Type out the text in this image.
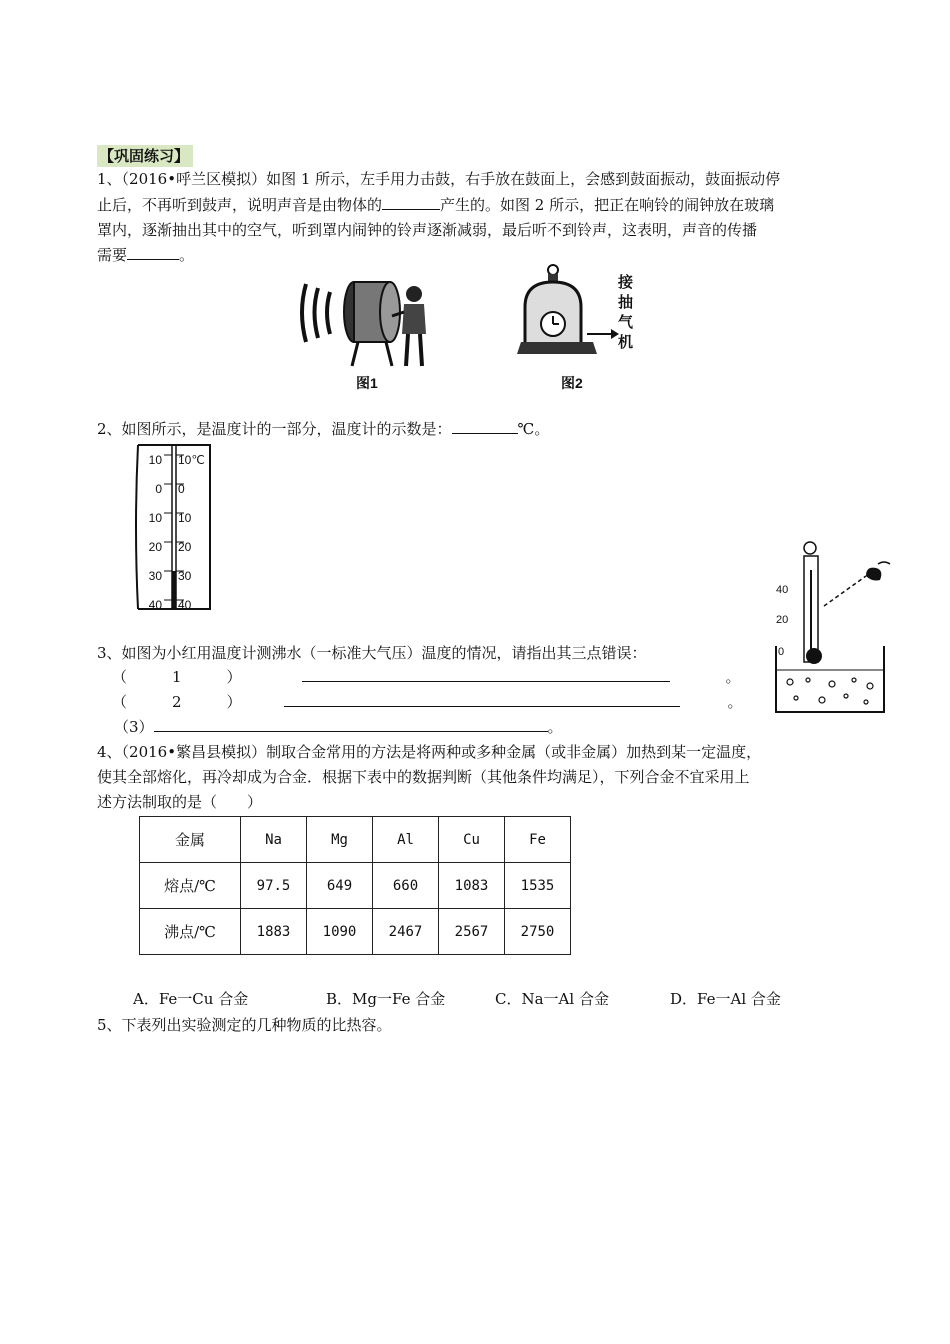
【巩固练习】
1、（2016•呼兰区模拟）如图 1 所示，左手用力击鼓，右手放在鼓面上，会感到鼓面振动，鼓面振动停
止后，不再听到鼓声，说明声音是由物体的	产生的。如图 2 所示，把正在响铃的闹钟放在玻璃
罩内，逐渐抽出其中的空气，听到罩内闹钟的铃声逐渐减弱，最后听不到铃声，这表明，声音的传播
需要	。
图1
接
抽
气
机
图2
2、如图所示，是温度计的一部分，温度计的示数是：	℃。
10
0
10
20
30
40
10℃
0
10
20
30
40
40
20
0
3、如图为小红用温度计测沸水（一标准大气压）温度的情况，请指出其三点错误：
（　　　1　　　）	。
（　　　2　　　）	。
（3）	。
4、（2016•繁昌县模拟）制取合金常用的方法是将两种或多种金属（或非金属）加热到某一定温度，
使其全部熔化，再冷却成为合金．根据下表中的数据判断（其他条件均满足），下列合金不宜采用上
述方法制取的是（　　）
金属	Na	Mg	Al	Cu	Fe
熔点/℃	97.5	649	660	1083	1535
沸点/℃	1883	1090	2467	2567	2750
A．Fe一Cu 合金	B．Mg一Fe 合金	C．Na一Al 合金	D．Fe一Al 合金
5、下表列出实验测定的几种物质的比热容。
